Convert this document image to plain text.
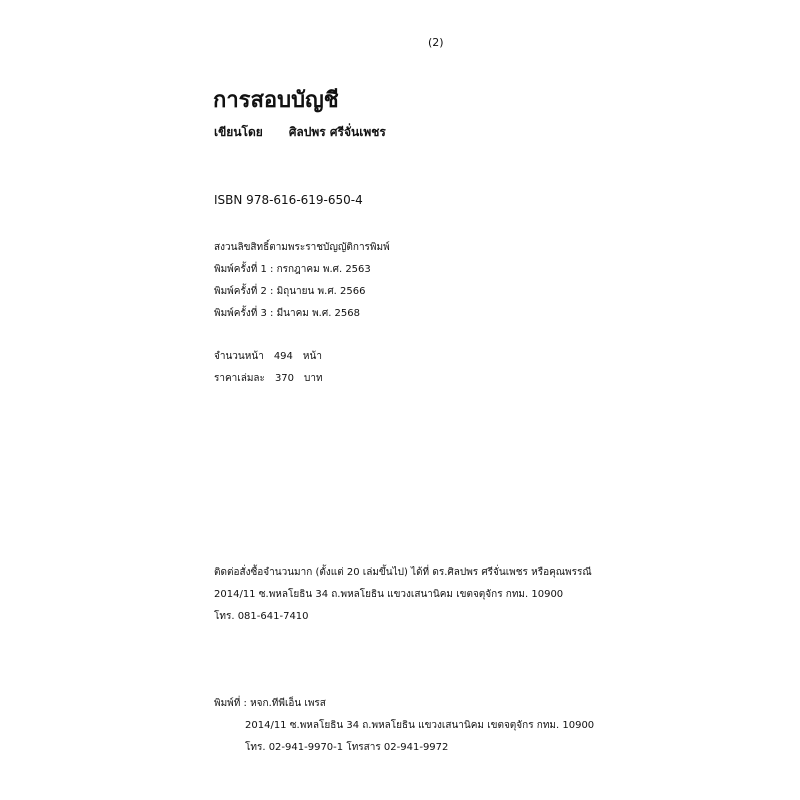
(2)
การสอบบัญชี
เขียนโดย ศิลปพร ศรีจั่นเพชร
ISBN 978-616-619-650-4
สงวนลิขสิทธิ์ตามพระราชบัญญัติการพิมพ์
พิมพ์ครั้งที่ 1 : กรกฎาคม พ.ศ. 2563
พิมพ์ครั้งที่ 2 : มิถุนายน พ.ศ. 2566
พิมพ์ครั้งที่ 3 : มีนาคม พ.ศ. 2568
จำนวนหน้า 494 หน้า
ราคาเล่มละ 370 บาท
ติดต่อสั่งซื้อจำนวนมาก (ตั้งแต่ 20 เล่มขึ้นไป) ได้ที่ ดร.ศิลปพร ศรีจั่นเพชร หรือคุณพรรณี
2014/11 ซ.พหลโยธิน 34 ถ.พหลโยธิน แขวงเสนานิคม เขตจตุจักร กทม. 10900
โทร. 081-641-7410
พิมพ์ที่ : หจก.ทีพีเอ็น เพรส
2014/11 ซ.พหลโยธิน 34 ถ.พหลโยธิน แขวงเสนานิคม เขตจตุจักร กทม. 10900
โทร. 02-941-9970-1 โทรสาร 02-941-9972
